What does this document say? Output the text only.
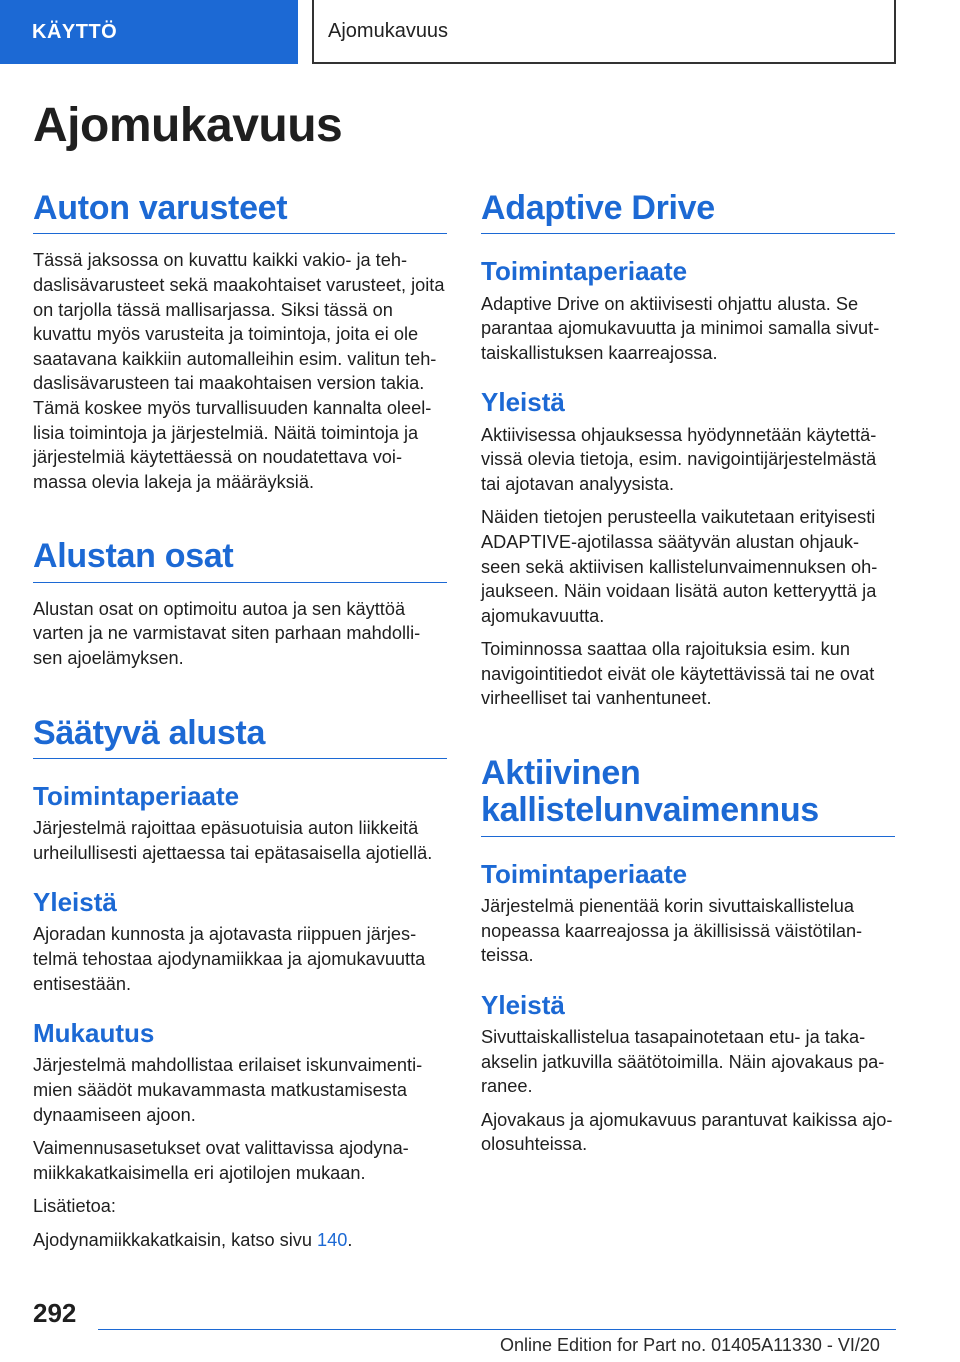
KÄYTTÖ	Ajomukavuus
Ajomukavuus
Auton varusteet

Tässä jaksossa on kuvattu kaikki vakio- ja teh-daslisävarusteet sekä maakohtaiset varusteet, joita on tarjolla tässä mallisarjassa. Siksi tässä on kuvattu myös varusteita ja toimintoja, joita ei ole saatavana kaikkiin automalleihin esim. valitun teh-daslisävarusteen tai maakohtaisen version takia. Tämä koskee myös turvallisuuden kannalta oleel-lisia toimintoja ja järjestelmiä. Näitä toimintoja ja järjestelmiä käytettäessä on noudatettava voi-massa olevia lakeja ja määräyksiä.

Alustan osat

Alustan osat on optimoitu autoa ja sen käyttöä varten ja ne varmistavat siten parhaan mahdolli-sen ajoelämyksen.

Säätyvä alusta
Toimintaperiaate

Järjestelmä rajoittaa epäsuotuisia auton liikkeitä urheilullisesti ajettaessa tai epätasaisella ajotiellä.

Yleistä

Ajoradan kunnosta ja ajotavasta riippuen järjes-telmä tehostaa ajodynamiikkaa ja ajomukavuutta entisestään.

Mukautus

Järjestelmä mahdollistaa erilaiset iskunvaimenti-mien säädöt mukavammasta matkustamisesta dynaamiseen ajoon.

Vaimennusasetukset ovat valittavissa ajodyna-miikkakatkaisimella eri ajotilojen mukaan.

Lisätietoa:

Ajodynamiikkakatkaisin, katso sivu 140.

Adaptive Drive
Toimintaperiaate

Adaptive Drive on aktiivisesti ohjattu alusta. Se parantaa ajomukavuutta ja minimoi samalla sivut-taiskallistuksen kaarreajossa.

Yleistä

Aktiivisessa ohjauksessa hyödynnetään käytettä-vissä olevia tietoja, esim. navigointijärjestelmästä tai ajotavan analyysista.

Näiden tietojen perusteella vaikutetaan erityisesti ADAPTIVE-ajotilassa säätyvän alustan ohjauk-seen sekä aktiivisen kallistelunvaimennuksen oh-jaukseen. Näin voidaan lisätä auton ketteryyttä ja ajomukavuutta.

Toiminnossa saattaa olla rajoituksia esim. kun navigointitiedot eivät ole käytettävissä tai ne ovat virheelliset tai vanhentuneet.

Aktiivinen kallistelunvaimennus
Toimintaperiaate

Järjestelmä pienentää korin sivuttaiskallistelua nopeassa kaarreajossa ja äkillisissä väistötilan-teissa.

Yleistä

Sivuttaiskallistelua tasapainotetaan etu- ja taka-akselin jatkuvilla säätötoimilla. Näin ajovakaus pa-ranee.

Ajovakaus ja ajomukavuus parantuvat kaikissa ajo-olosuhteissa.

292
Online Edition for Part no. 01405A11330 - VI/20
